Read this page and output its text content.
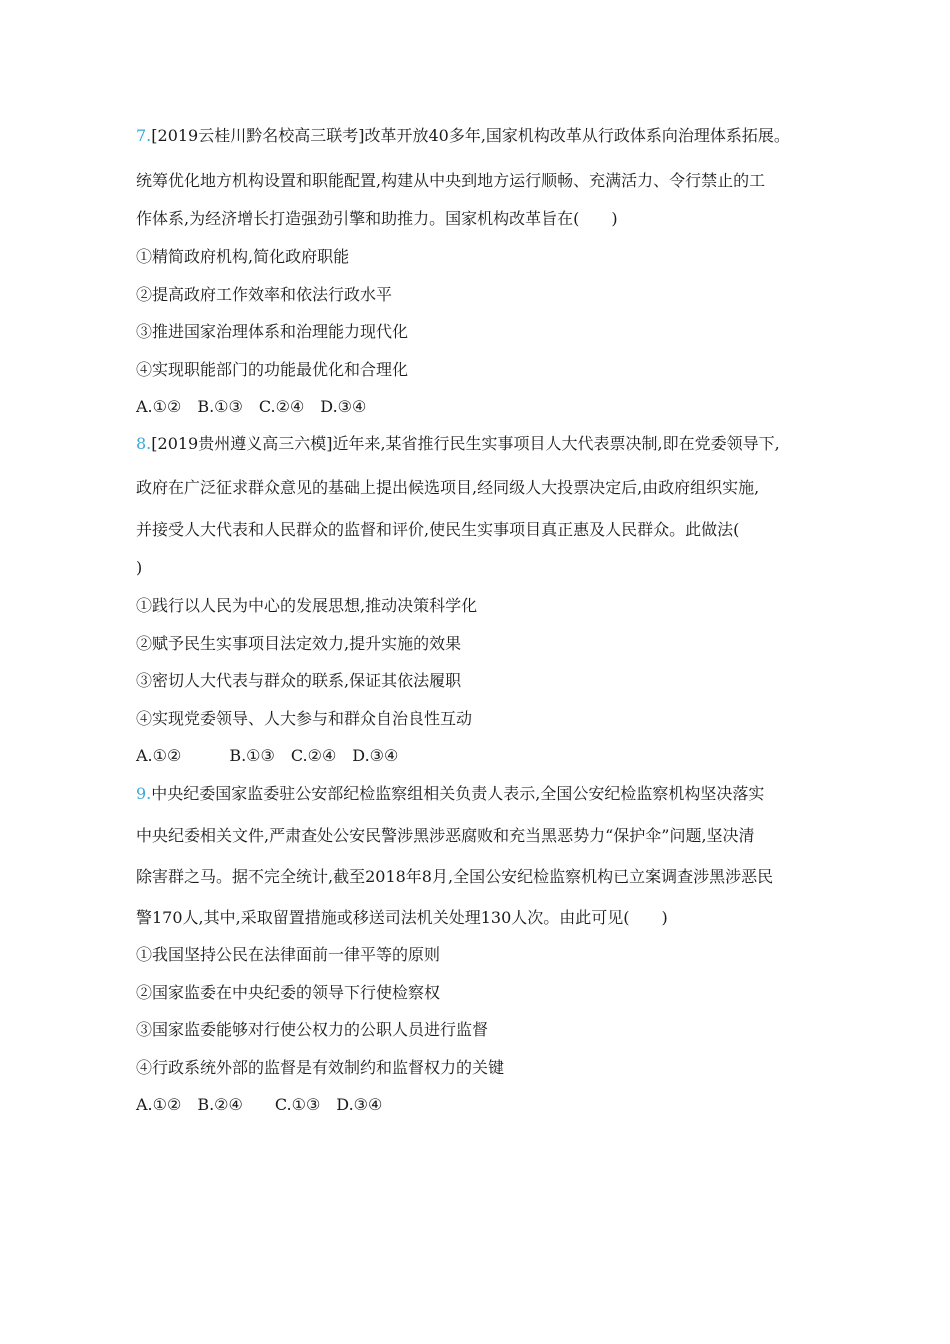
7.[2019云桂川黔名校高三联考]改革开放40多年,国家机构改革从行政体系向治理体系拓展。
统筹优化地方机构设置和职能配置,构建从中央到地方运行顺畅、充满活力、令行禁止的工
作体系,为经济增长打造强劲引擎和助推力。国家机构改革旨在(　　)
①精简政府机构,简化政府职能
②提高政府工作效率和依法行政水平
③推进国家治理体系和治理能力现代化
④实现职能部门的功能最优化和合理化
A.①②　B.①③　C.②④　D.③④
8.[2019贵州遵义高三六模]近年来,某省推行民生实事项目人大代表票决制,即在党委领导下,
政府在广泛征求群众意见的基础上提出候选项目,经同级人大投票决定后,由政府组织实施,
并接受人大代表和人民群众的监督和评价,使民生实事项目真正惠及人民群众。此做法(
)
①践行以人民为中心的发展思想,推动决策科学化
②赋予民生实事项目法定效力,提升实施的效果
③密切人大代表与群众的联系,保证其依法履职
④实现党委领导、人大参与和群众自治良性互动
A.①②　　　B.①③　C.②④　D.③④
9.中央纪委国家监委驻公安部纪检监察组相关负责人表示,全国公安纪检监察机构坚决落实
中央纪委相关文件,严肃查处公安民警涉黑涉恶腐败和充当黑恶势力“保护伞”问题,坚决清
除害群之马。据不完全统计,截至2018年8月,全国公安纪检监察机构已立案调查涉黑涉恶民
警170人,其中,采取留置措施或移送司法机关处理130人次。由此可见(　　)
①我国坚持公民在法律面前一律平等的原则
②国家监委在中央纪委的领导下行使检察权
③国家监委能够对行使公权力的公职人员进行监督
④行政系统外部的监督是有效制约和监督权力的关键
A.①②　B.②④　　C.①③　D.③④
